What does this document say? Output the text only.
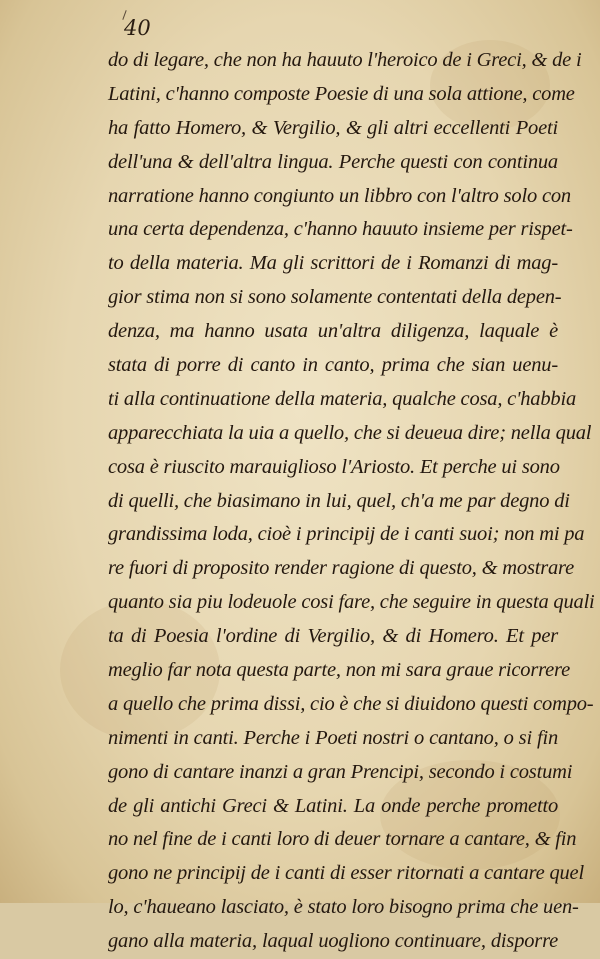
40
do di legare, che non ha hauuto l'heroico de i Greci, & de i
Latini, c'hanno composte Poesie di una sola attione, come
ha fatto Homero, & Vergilio, & gli altri eccellenti Poeti
dell'una & dell'altra lingua. Perche questi con continua
narratione hanno congiunto un libbro con l'altro solo con
una certa dependenza, c'hanno hauuto insieme per rispet-
to della materia. Ma gli scrittori de i Romanzi di mag-
gior stima non si sono solamente contentati della depen-
denza, ma hanno usata un'altra diligenza, laquale è
stata di porre di canto in canto, prima che sian uenu-
ti alla continuatione della materia, qualche cosa, c'habbia
apparecchiata la uia a quello, che si deueua dire; nella qual
cosa è riuscito marauiglioso l'Ariosto. Et perche ui sono
di quelli, che biasimano in lui, quel, ch'a me par degno di
grandissima loda, cioè i principij de i canti suoi; non mi pa
re fuori di proposito render ragione di questo, & mostrare
quanto sia piu lodeuole cosi fare, che seguire in questa quali
ta di Poesia l'ordine di Vergilio, & di Homero. Et per
meglio far nota questa parte, non mi sara graue ricorrere
a quello che prima dissi, cio è che si diuidono questi compo-
nimenti in canti. Perche i Poeti nostri o cantano, o si fin
gono di cantare inanzi a gran Prencipi, secondo i costumi
de gli antichi Greci & Latini. La onde perche prometto
no nel fine de i canti loro di deuer tornare a cantare, & fin
gono ne principij de i canti di esser ritornati a cantare quel
lo, c'haueano lasciato, è stato loro bisogno prima che uen-
gano alla materia, laqual uogliono continuare, disporre
